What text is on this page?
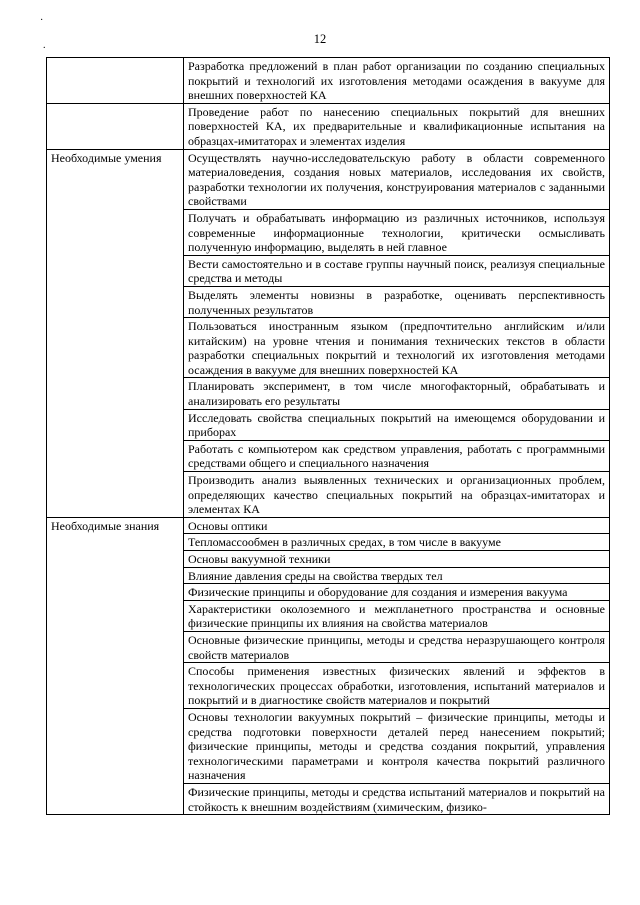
·
.	12
	Разработка предложений в план работ организации по созданию специальных покрытий и технологий их изготовления методами осаждения в вакууме для внешних поверхностей КА
	Проведение работ по нанесению специальных покрытий для внешних поверхностей КА, их предварительные и квалификационные испытания на образцах-имитаторах и элементах изделия
Необходимые умения	Осуществлять научно-исследовательскую работу в области современного материаловедения, создания новых материалов, исследования их свойств, разработки технологии их получения, конструирования материалов с заданными свойствами
	Получать и обрабатывать информацию из различных источников, используя современные информационные технологии, критически осмысливать полученную информацию, выделять в ней главное
	Вести самостоятельно и в составе группы научный поиск, реализуя специальные средства и методы
	Выделять элементы новизны в разработке, оценивать перспективность полученных результатов
	Пользоваться иностранным языком (предпочтительно английским и/или китайским) на уровне чтения и понимания технических текстов в области разработки специальных покрытий и технологий их изготовления методами осаждения в вакууме для внешних поверхностей КА
	Планировать эксперимент, в том числе многофакторный, обрабатывать и анализировать его результаты
	Исследовать свойства специальных покрытий на имеющемся оборудовании и приборах
	Работать с компьютером как средством управления, работать с программными средствами общего и специального назначения
	Производить анализ выявленных технических и организационных проблем, определяющих качество специальных покрытий на образцах-имитаторах и элементах КА
Необходимые знания	Основы оптики
	Тепломассообмен в различных средах, в том числе в вакууме
	Основы вакуумной техники
	Влияние давления среды на свойства твердых тел
	Физические принципы и оборудование для создания и измерения вакуума
	Характеристики околоземного и межпланетного пространства и основные физические принципы их влияния на свойства материалов
	Основные физические принципы, методы и средства неразрушающего контроля свойств материалов
	Способы применения известных физических явлений и эффектов в технологических процессах обработки, изготовления, испытаний материалов и покрытий и в диагностике свойств материалов и покрытий
	Основы технологии вакуумных покрытий – физические принципы, методы и средства подготовки поверхности деталей перед нанесением покрытий; физические принципы, методы и средства создания покрытий, управления технологическими параметрами и контроля качества покрытий различного назначения
	Физические принципы, методы и средства испытаний материалов и покрытий на стойкость к внешним воздействиям (химическим, физико-
